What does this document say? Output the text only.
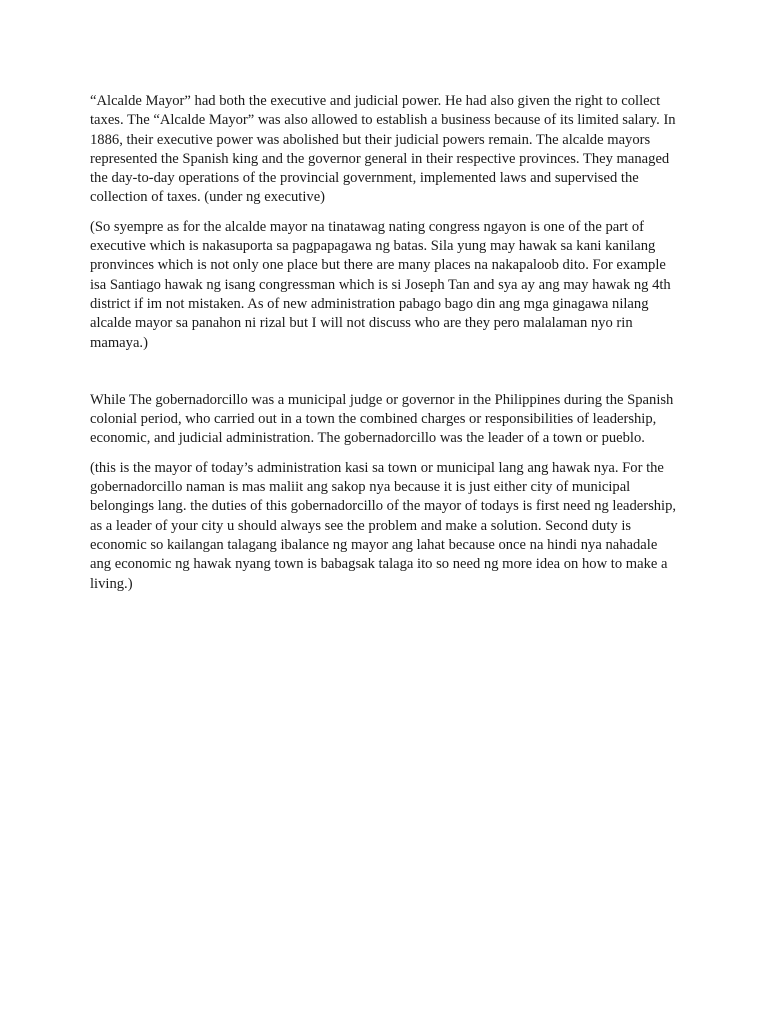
“Alcalde Mayor” had both the executive and judicial power. He had also given the right to collect taxes. The “Alcalde Mayor” was also allowed to establish a business because of its limited salary. In 1886, their executive power was abolished but their judicial powers remain. The alcalde mayors represented the Spanish king and the governor general in their respective provinces. They managed the day-to-day operations of the provincial government, implemented laws and supervised the collection of taxes. (under ng executive)

(So syempre as for the alcalde mayor na tinatawag nating congress ngayon is one of the part of executive which is nakasuporta sa pagpapagawa ng batas. Sila yung may hawak sa kani kanilang pronvinces which is not only one place but there are many places na nakapaloob dito. For example isa Santiago hawak ng isang congressman which is si Joseph Tan and sya ay ang may hawak ng 4th district if im not mistaken. As of new administration pabago bago din ang mga ginagawa nilang alcalde mayor sa panahon ni rizal but I will not discuss who are they pero malalaman nyo rin mamaya.)

While The gobernadorcillo was a municipal judge or governor in the Philippines during the Spanish colonial period, who carried out in a town the combined charges or responsibilities of leadership, economic, and judicial administration. The gobernadorcillo was the leader of a town or pueblo.

(this is the mayor of today’s administration kasi sa town or municipal lang ang hawak nya. For the gobernadorcillo naman is mas maliit ang sakop nya because it is just either city of municipal belongings lang. the duties of this gobernadorcillo of the mayor of todays is first need ng leadership, as a leader of your city u should always see the problem and make a solution. Second duty is economic so kailangan talagang ibalance ng mayor ang lahat because once na hindi nya nahadale ang economic ng hawak nyang town is babagsak talaga ito so need ng more idea on how to make a living.)
